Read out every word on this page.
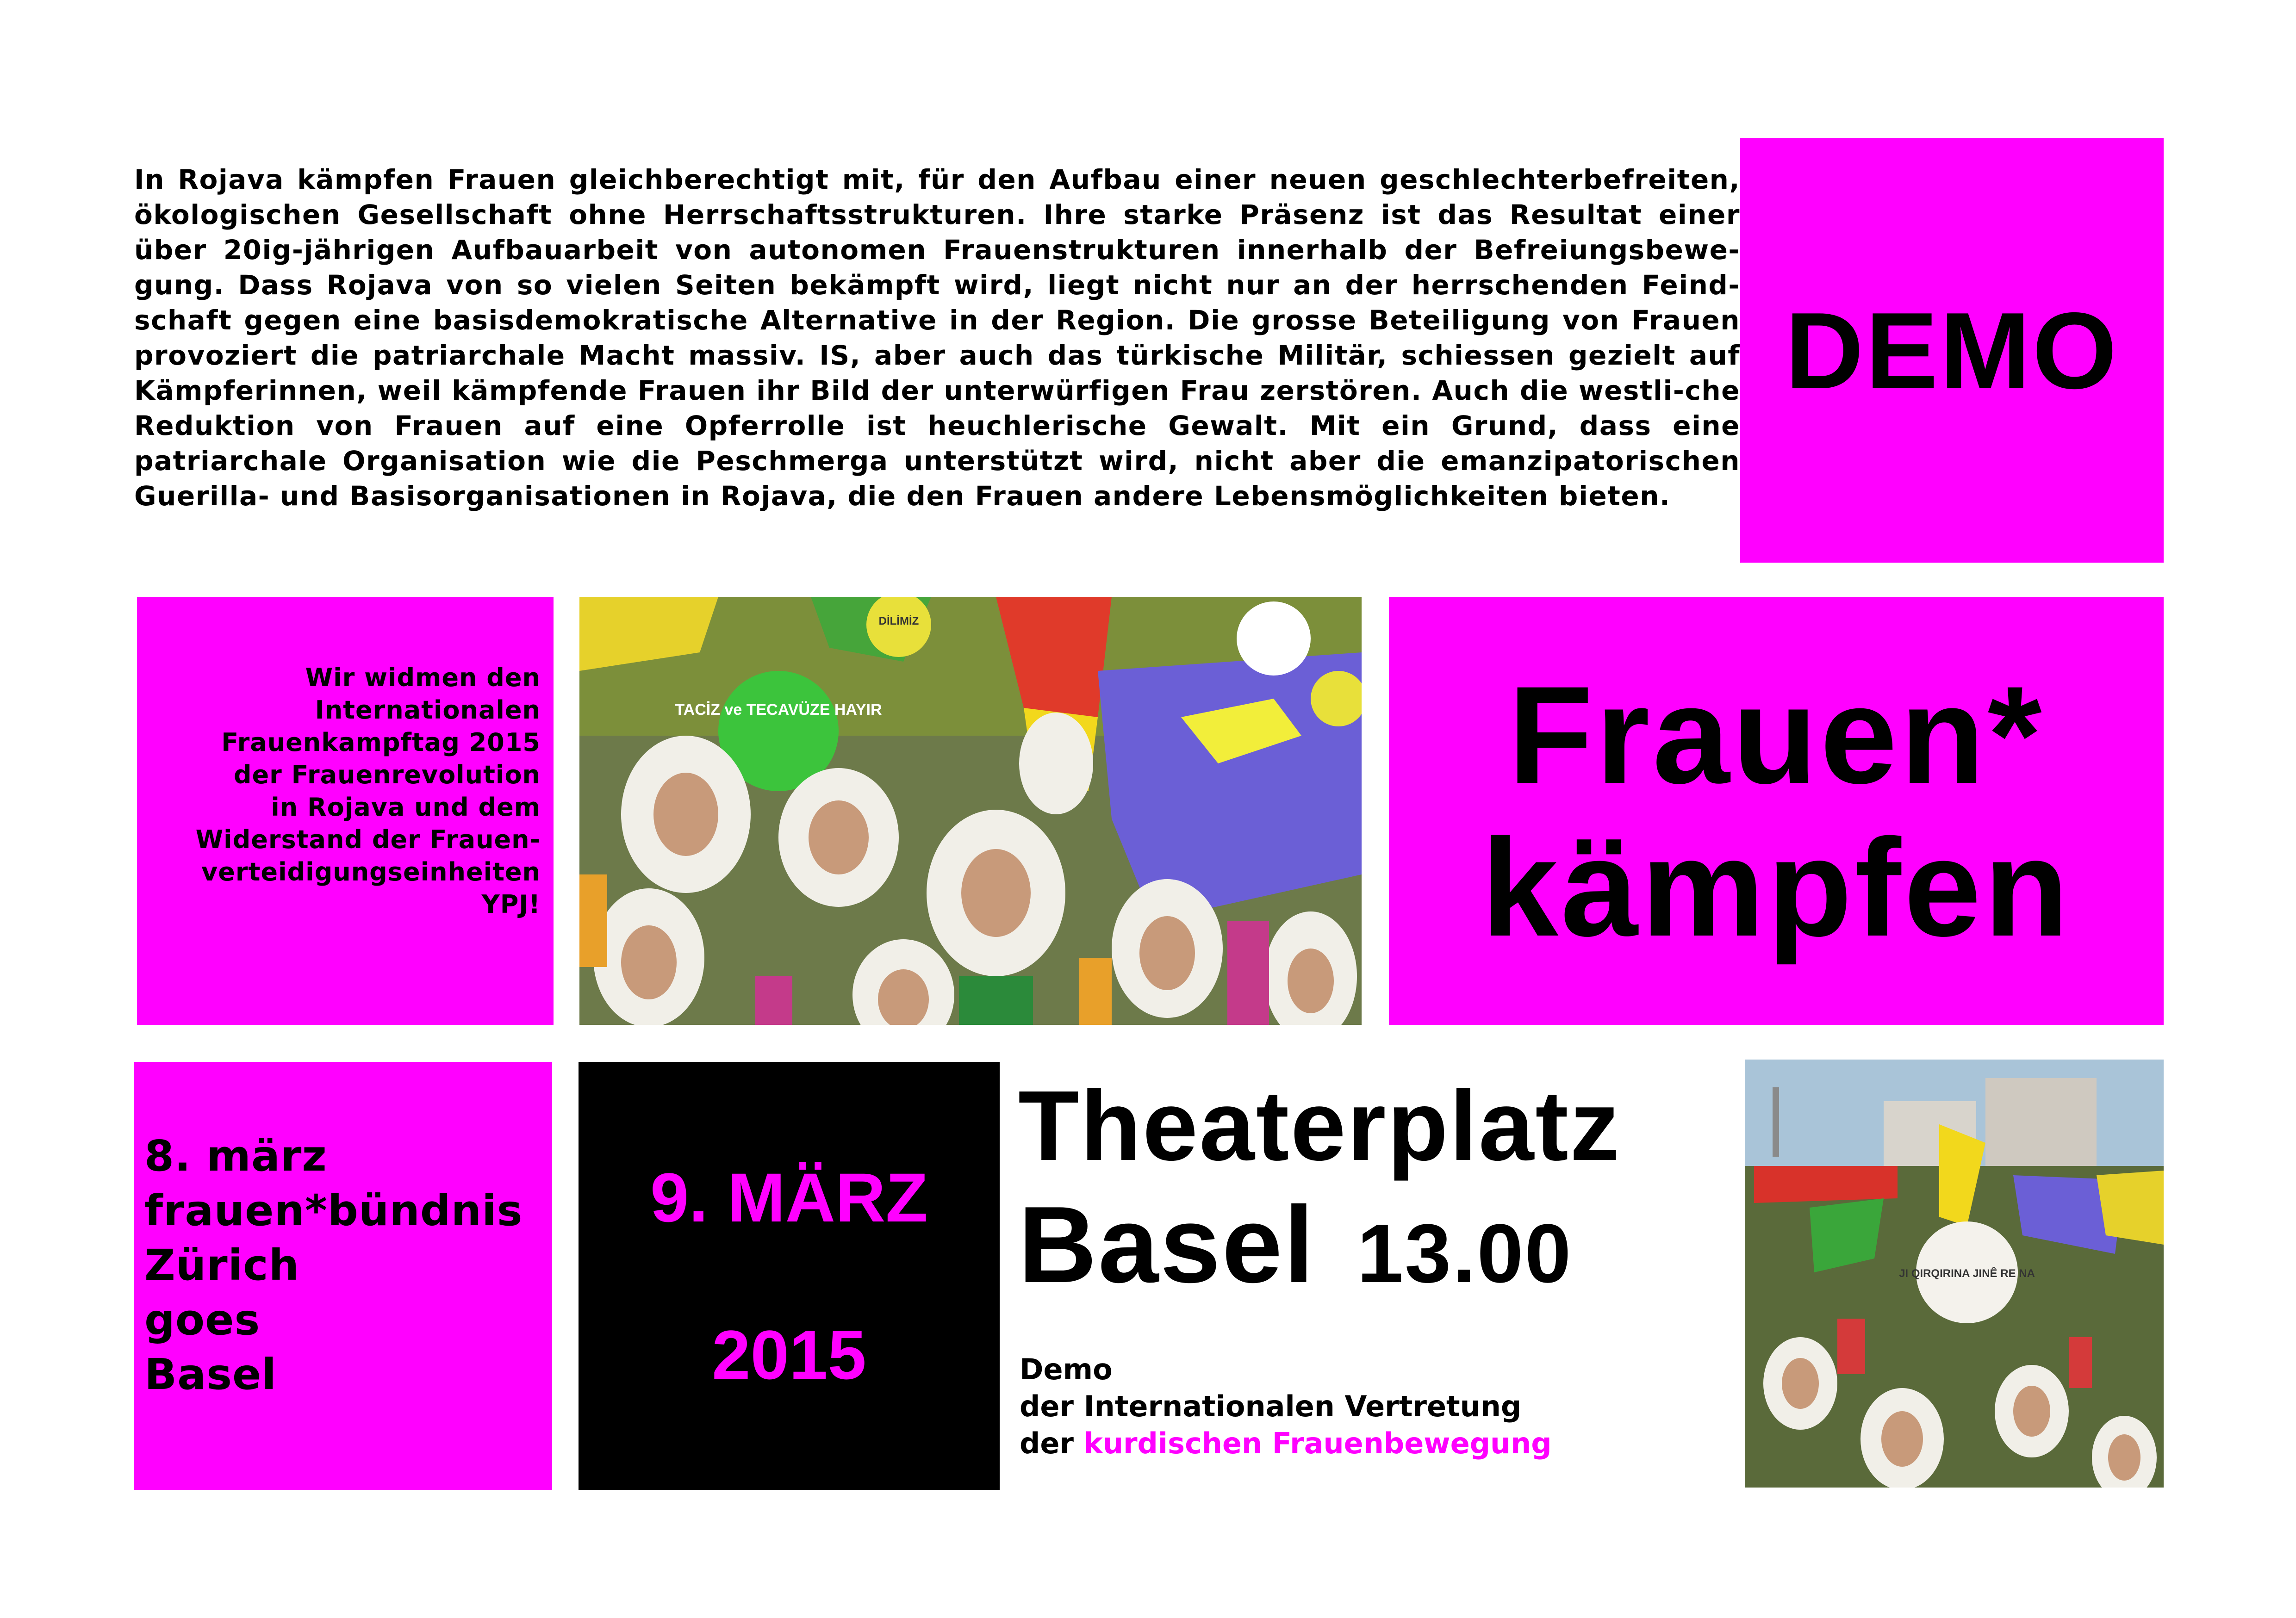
In Rojava kämpfen Frauen gleichberechtigt mit, für den Aufbau einer neuen geschlechterbefreiten, ökologischen Gesellschaft ohne Herrschaftsstrukturen. Ihre starke Präsenz ist das Resultat einer über 20ig-jährigen Aufbauarbeit von autonomen Frauenstrukturen innerhalb der Befreiungsbewe-gung. Dass Rojava von so vielen Seiten bekämpft wird, liegt nicht nur an der herrschenden Feind-schaft gegen eine basisdemokratische Alternative in der Region. Die grosse Beteiligung von Frauen provoziert die patriarchale Macht massiv. IS, aber auch das türkische Militär, schiessen gezielt auf Kämpferinnen, weil kämpfende Frauen ihr Bild der unterwürfigen Frau zerstören. Auch die westli-che Reduktion von Frauen auf eine Opferrolle ist heuchlerische Gewalt. Mit ein Grund, dass eine patriarchale Organisation wie die Peschmerga unterstützt wird, nicht aber die emanzipatorischen Guerilla- und Basisorganisationen in Rojava, die den Frauen andere Lebensmöglichkeiten bieten.

DEMO

Wir widmen den
Internationalen
Frauenkampftag 2015
der Frauenrevolution
in Rojava und dem
Widerstand der Frauen-
verteidigungseinheiten
YPJ!

TACİZ ve TECAVÜZE HAYIR
DİLİMİZ
Frauen*
kämpfen

8. märz
frauen*bündnis
Zürich
goes
Basel

9. MÄRZ
2015
Theaterplatz
Basel 13.00

Demo
der Internationalen Vertretung
der kurdischen Frauenbewegung

JI QIRQIRINA JINÊ RE NA
